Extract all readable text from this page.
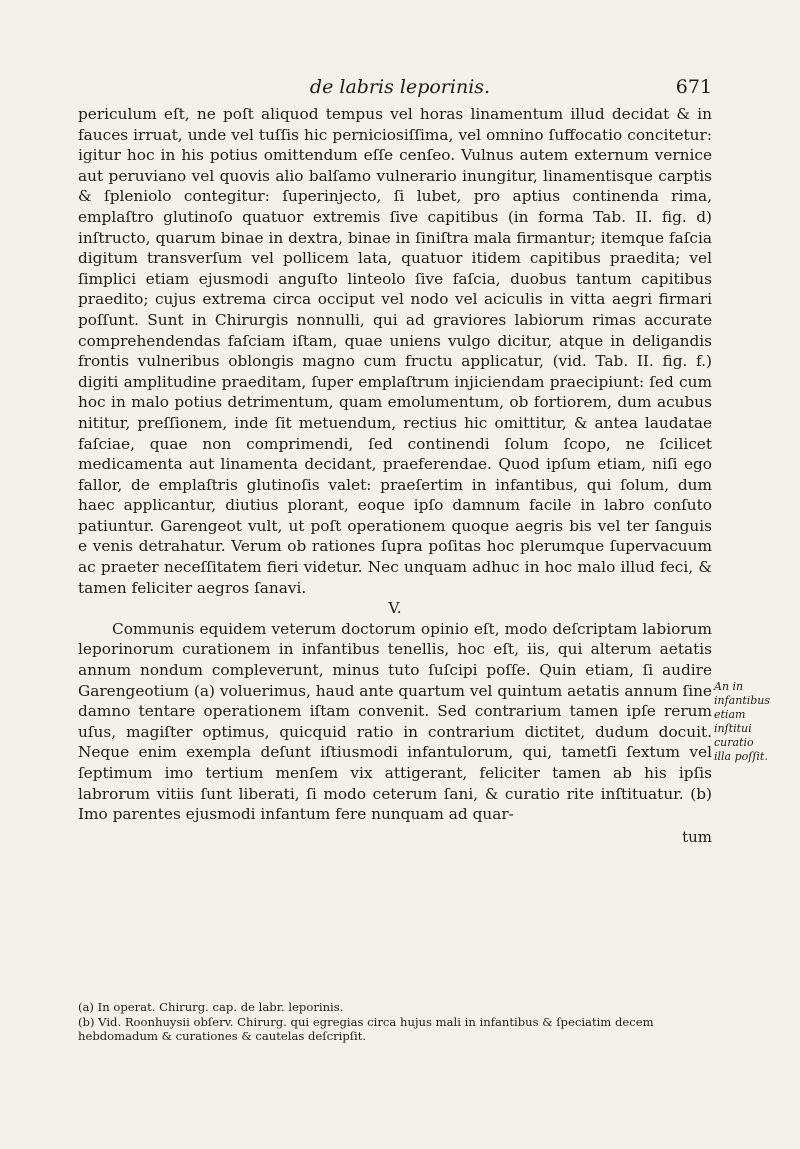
de labris leporinis.	671

periculum eſt, ne poſt aliquod tempus vel horas linamentum illud decidat & in fauces irruat, unde vel tuſſis hic perniciosiſſima, vel omnino ſuffocatio concitetur: igitur hoc in his potius omittendum eſſe cenſeo. Vulnus autem externum vernice aut peruviano vel quovis alio balſamo vulnerario inungitur, linamentisque carptis & ſpleniolo contegitur: ſuperinjecto, ſi lubet, pro aptius continenda rima, emplaſtro glutinoſo quatuor extremis ſive capitibus (in forma Tab. II. fig. d) inſtructo, quarum binae in dextra, binae in ſiniſtra mala firmantur; itemque faſcia digitum transverſum vel pollicem lata, quatuor itidem capitibus praedita; vel ſimplici etiam ejusmodi anguſto linteolo ſive faſcia, duobus tantum capitibus praedito; cujus extrema circa occiput vel nodo vel aciculis in vitta aegri firmari poſſunt. Sunt in Chirurgis nonnulli, qui ad graviores labiorum rimas accurate comprehendendas faſciam iſtam, quae uniens vulgo dicitur, atque in deligandis frontis vulneribus oblongis magno cum fructu applicatur, (vid. Tab. II. fig. f.) digiti amplitudine praeditam, ſuper emplaſtrum injiciendam praecipiunt: ſed cum hoc in malo potius detrimentum, quam emolumentum, ob fortiorem, dum acubus nititur, preſſionem, inde ſit metuendum, rectius hic omittitur, & antea laudatae faſciae, quae non comprimendi, ſed continendi ſolum ſcopo, ne ſcilicet medicamenta aut linamenta decidant, praeferendae. Quod ipſum etiam, niſi ego fallor, de emplaſtris glutinoſis valet: praeſertim in infantibus, qui ſolum, dum haec applicantur, diutius plorant, eoque ipſo damnum facile in labro conſuto patiuntur. Garengeot vult, ut poſt operationem quoque aegris bis vel ter ſanguis e venis detrahatur. Verum ob rationes ſupra poſitas hoc plerumque ſupervacuum ac praeter neceſſitatem fieri videtur. Nec unquam adhuc in hoc malo illud feci, & tamen feliciter aegros ſanavi.

V.

Communis equidem veterum doctorum opinio eſt, modo deſcriptam labiorum leporinorum curationem in infantibus tenellis, hoc eſt, iis, qui alterum aetatis annum nondum compleverunt, minus tuto ſuſcipi poſſe. Quin etiam, ſi audire Garengeotium (a) voluerimus, haud ante quartum vel quintum aetatis annum ſine damno tentare operationem iſtam convenit. Sed contrarium tamen ipſe rerum uſus, magiſter optimus, quicquid ratio in contrarium dictitet, dudum docuit. Neque enim exempla deſunt iſtiusmodi infantulorum, qui, tametſi ſextum vel ſeptimum imo tertium menſem vix attigerant, feliciter tamen ab his ipſis labrorum vitiis ſunt liberati, ſi modo ceterum ſani, & curatio rite inſtituatur. (b) Imo parentes ejusmodi infantum fere nunquam ad quar-

tum
An in infantibus etiam inſtitui curatio illa poſſit.

(a) In operat. Chirurg. cap. de labr. leporinis.

(b) Vid. Roonhuysii obſerv. Chirurg. qui egregias circa hujus mali in infantibus & ſpeciatim decem hebdomadum & curationes & cautelas deſcripſit.
